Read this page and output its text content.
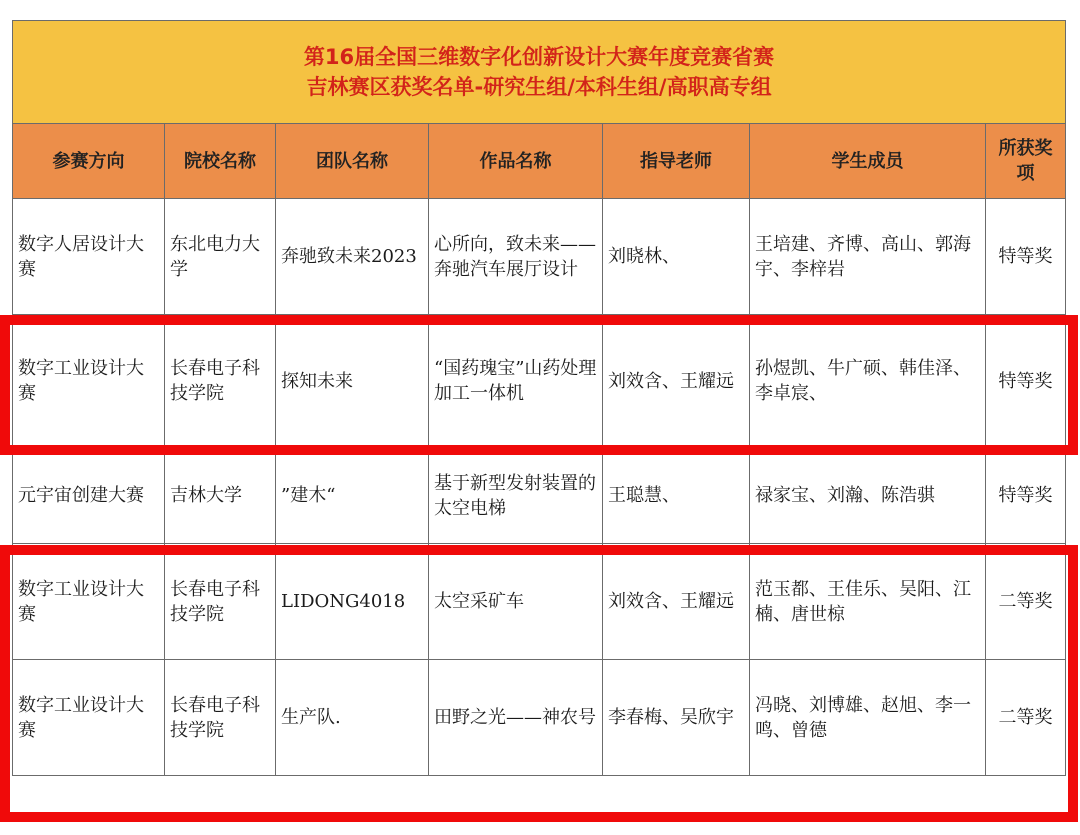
第16届全国三维数字化创新设计大赛年度竞赛省赛
吉林赛区获奖名单-研究生组/本科生组/高职高专组						

参赛方向	院校名称	团队名称	作品名称	指导老师	学生成员	所获奖项
数字人居设计大赛	东北电力大学	奔驰致未来2023	心所向，致未来——奔驰汽车展厅设计	刘晓林、	王培建、齐博、高山、郭海宇、李梓岩	特等奖
数字工业设计大赛	长春电子科技学院	探知未来	“国药瑰宝”山药处理加工一体机	刘效含、王耀远	孙煜凯、牛广硕、韩佳泽、李卓宸、	特等奖
元宇宙创建大赛	吉林大学	”建木“	基于新型发射装置的太空电梯	王聪慧、	禄家宝、刘瀚、陈浩骐	特等奖
数字工业设计大赛	长春电子科技学院	LIDONG4018	太空采矿车	刘效含、王耀远	范玉都、王佳乐、吴阳、江楠、唐世椋	二等奖
数字工业设计大赛	长春电子科技学院	生产队.	田野之光——神农号	李春梅、吴欣宇	冯晓、刘博雄、赵旭、李一鸣、曾德	二等奖
